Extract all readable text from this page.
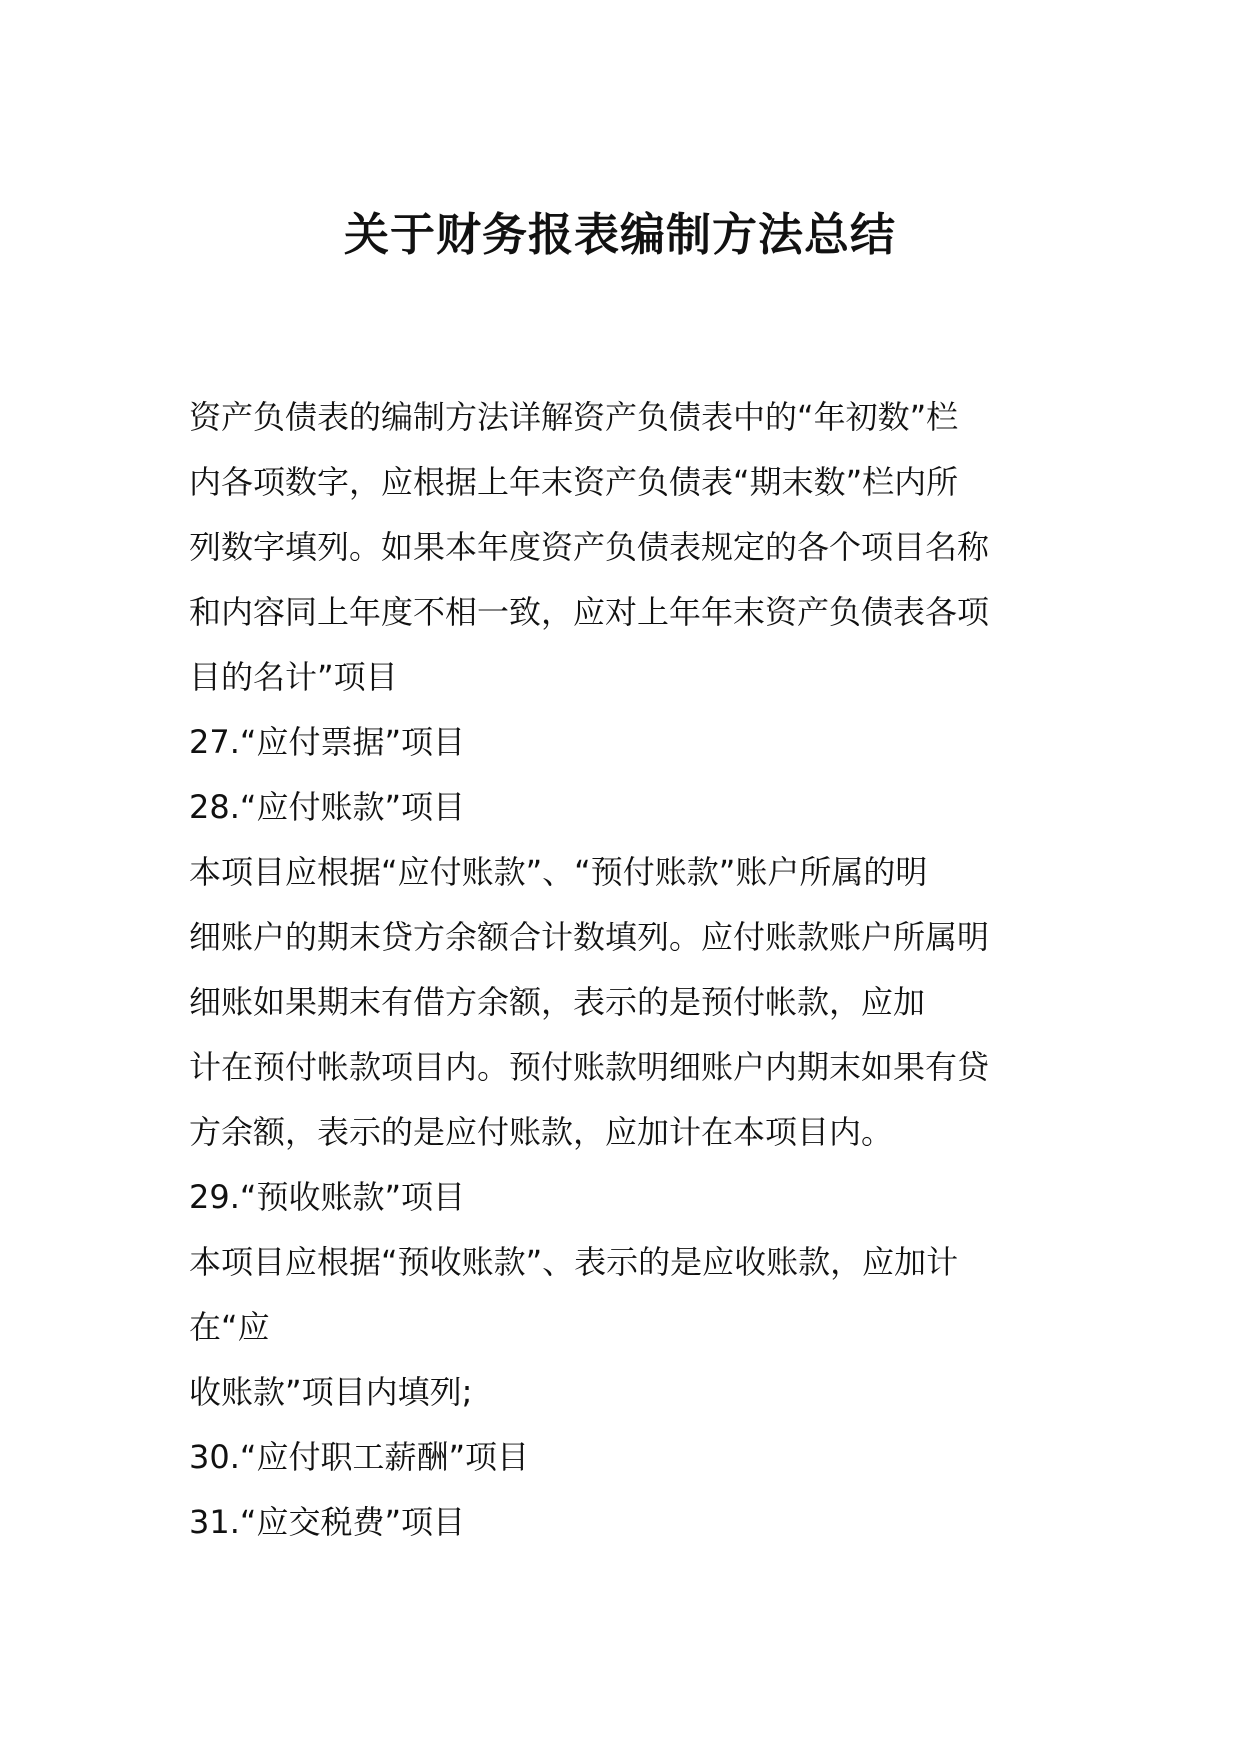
关于财务报表编制方法总结

资产负债表的编制方法详解资产负债表中的“年初数”栏

内各项数字，应根据上年末资产负债表“期末数”栏内所

列数字填列。如果本年度资产负债表规定的各个项目名称

和内容同上年度不相一致，应对上年年末资产负债表各项

目的名计”项目

27.“应付票据”项目

28.“应付账款”项目

本项目应根据“应付账款”、“预付账款”账户所属的明

细账户的期末贷方余额合计数填列。应付账款账户所属明

细账如果期末有借方余额，表示的是预付帐款，应加

计在预付帐款项目内。预付账款明细账户内期末如果有贷

方余额，表示的是应付账款，应加计在本项目内。

29.“预收账款”项目

本项目应根据“预收账款”、表示的是应收账款，应加计

在“应

收账款”项目内填列;

30.“应付职工薪酬”项目

31.“应交税费”项目
